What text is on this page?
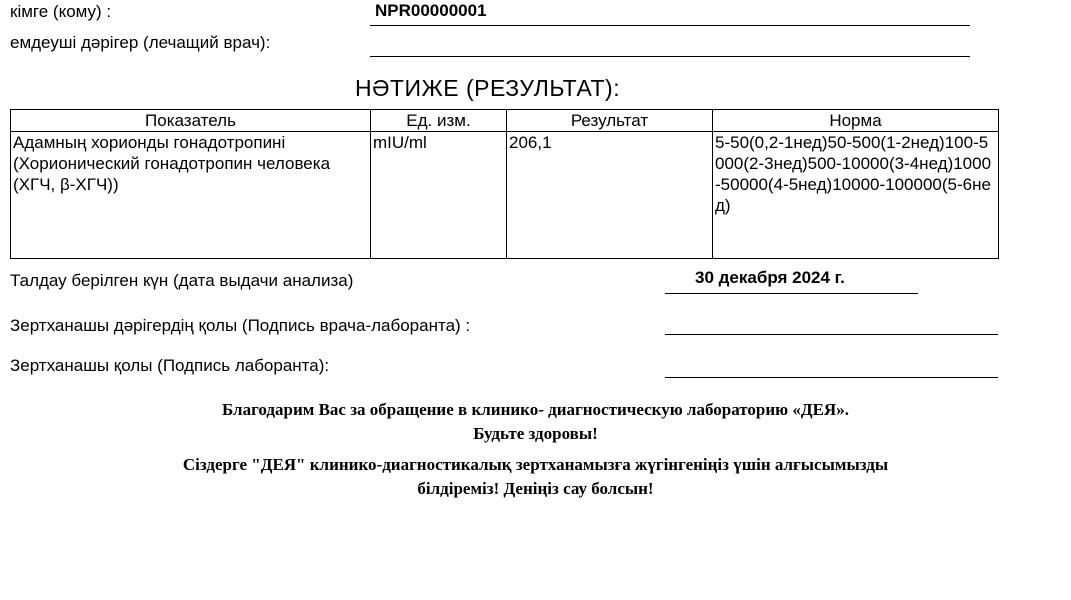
кімге (кому) :	NPR00000001
емдеуші дәрігер (лечащий врач):
НӘТИЖЕ (РЕЗУЛЬТАТ):
Показатель	Ед. изм.	Результат	Норма
Адамның хорионды гонадотропині (Хорионический гонадотропин человека (ХГЧ, β-ХГЧ))	mIU/ml	206,1	5-50(0,2-1нед)50-500(1-2нед)100-5000(2-3нед)500-10000(3-4нед)1000-50000(4-5нед)10000-100000(5-6нед)
Талдау берілген күн (дата выдачи анализа)	30 декабря 2024 г.
Зертханашы дәрігердің қолы (Подпись врача-лаборанта) :
Зертханашы қолы (Подпись лаборанта):
Благодарим Вас за обращение в клинико- диагностическую лабораторию «ДЕЯ».
Будьте здоровы!
Сіздерге "ДЕЯ" клинико-диагностикалық зертханамызға жүгінгеніңіз үшін алғысымызды
білдіреміз! Деніңіз сау болсын!
